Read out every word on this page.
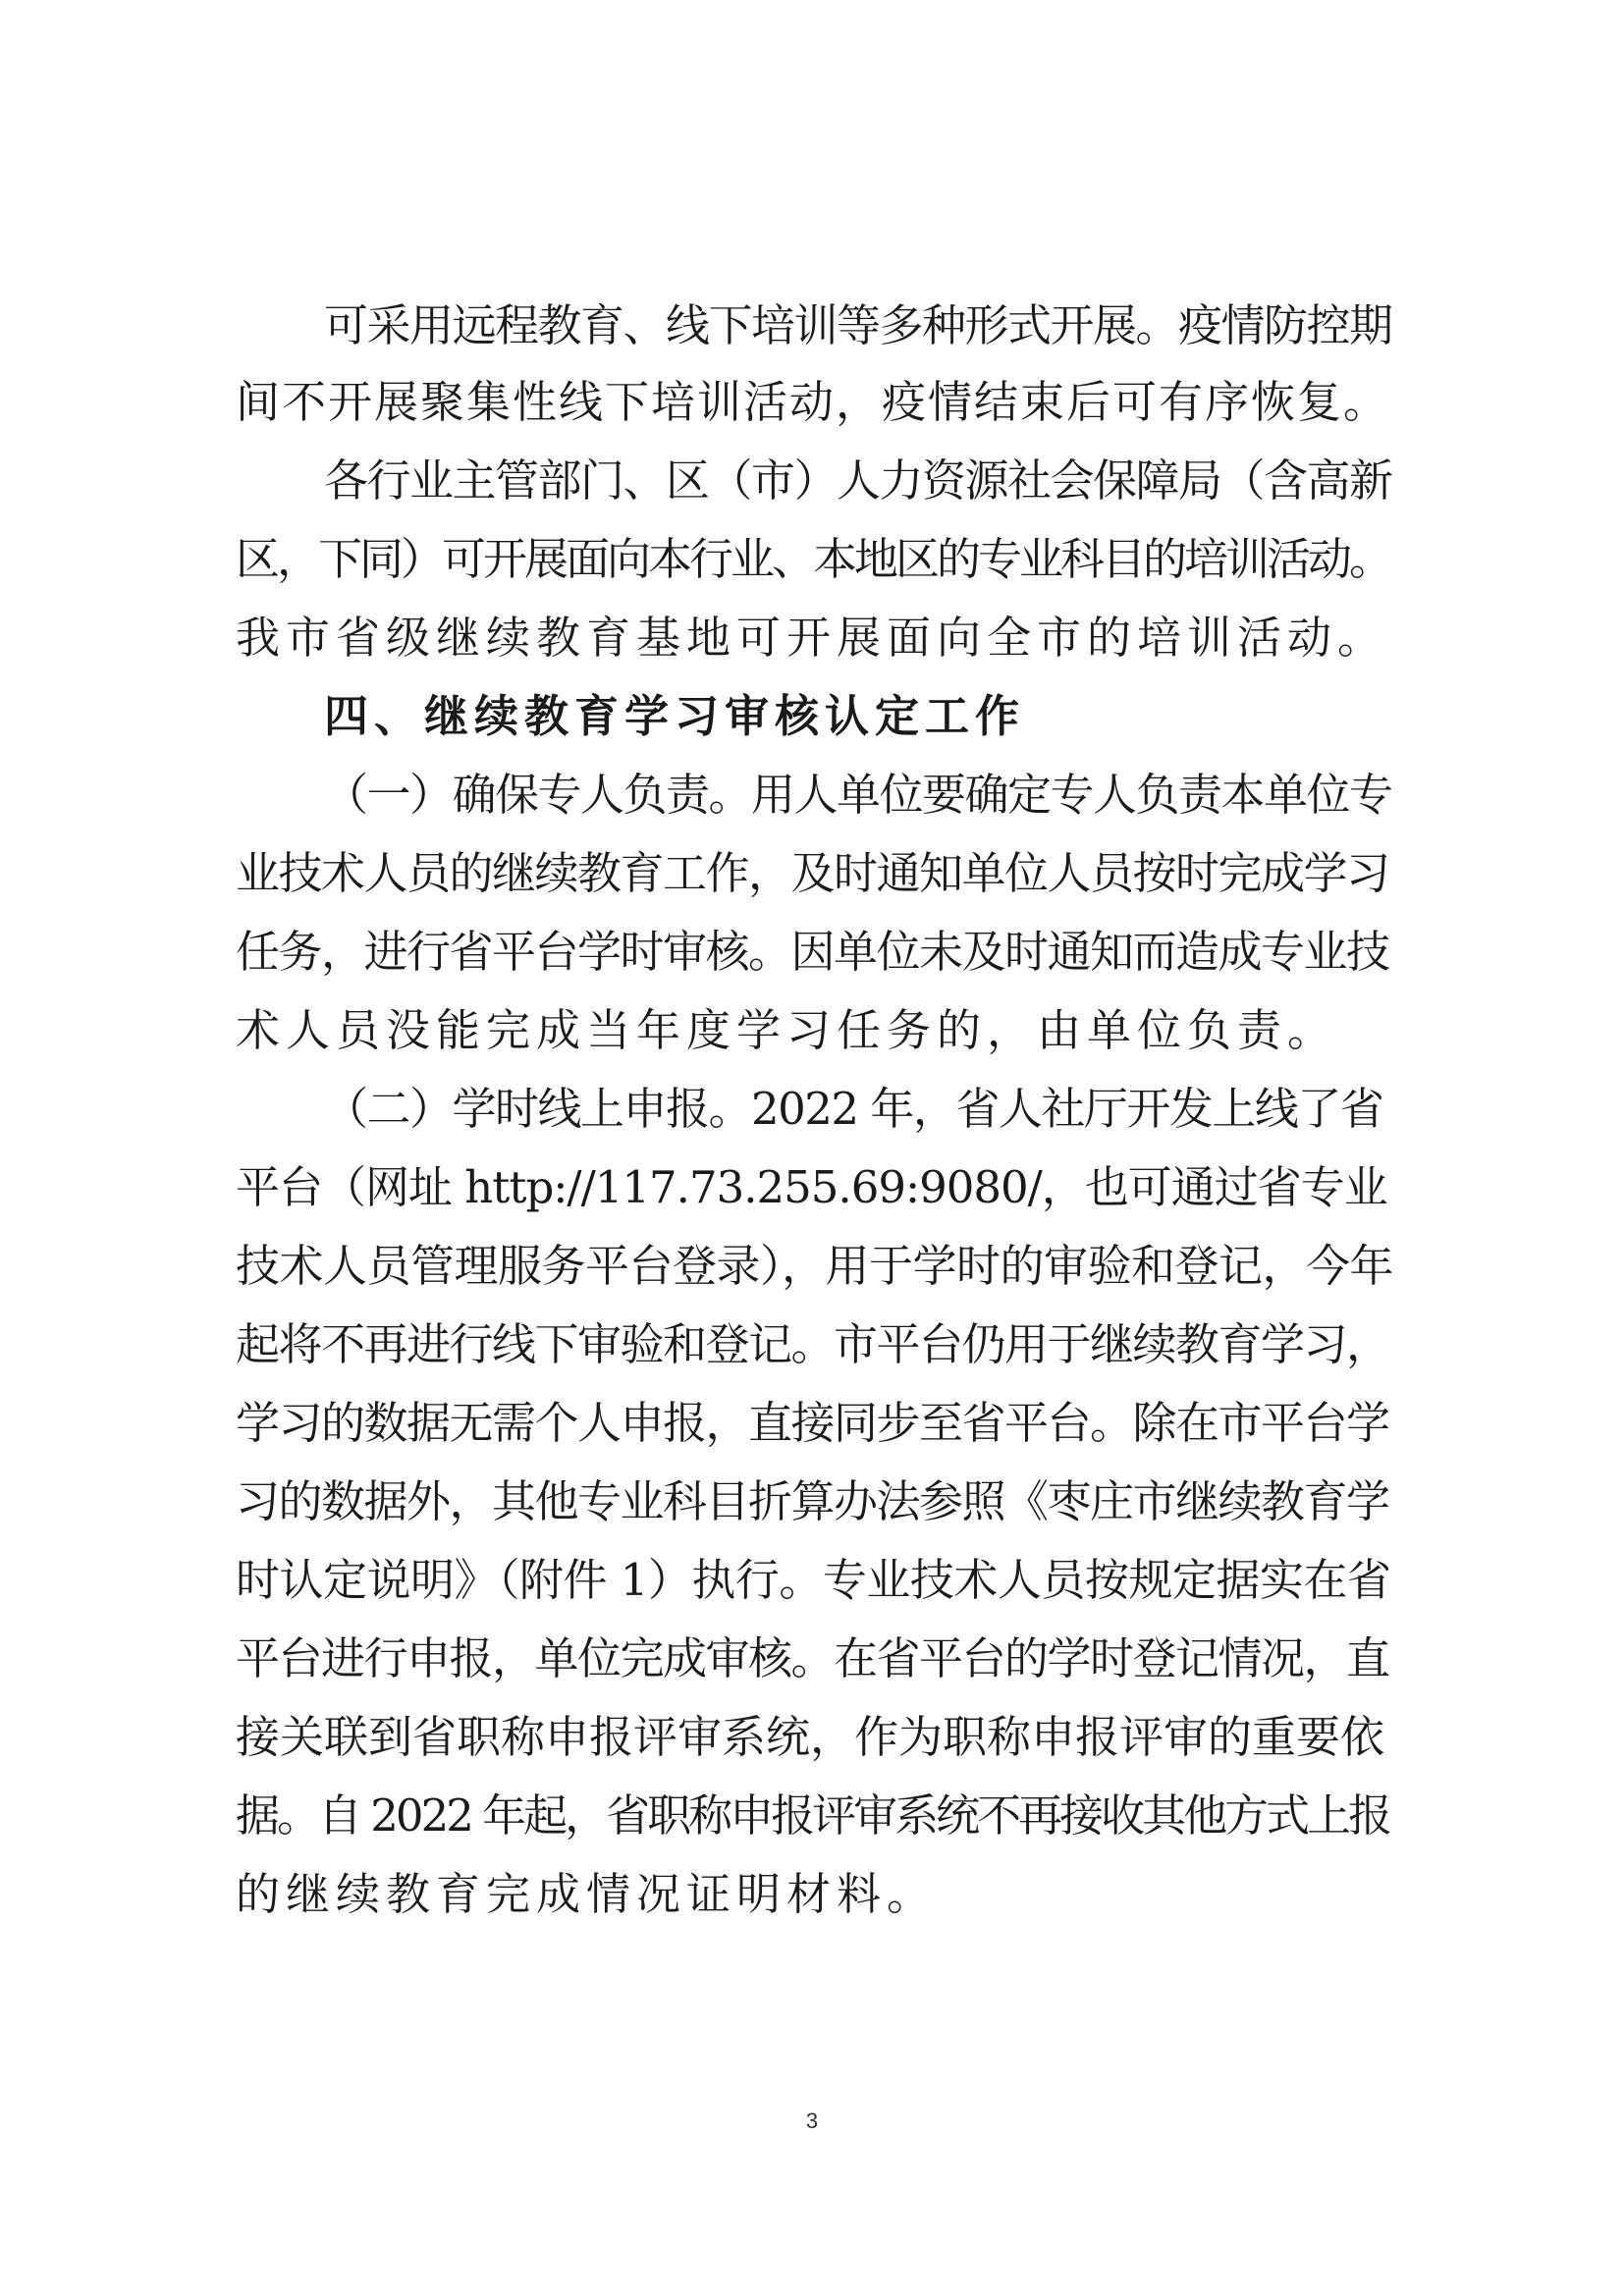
可采用远程教育、线下培训等多种形式开展。疫情防控期
间不开展聚集性线下培训活动，疫情结束后可有序恢复。
各行业主管部门、区（市）人力资源社会保障局（含高新
区，下同）可开展面向本行业、本地区的专业科目的培训活动。
我市省级继续教育基地可开展面向全市的培训活动。
四、继续教育学习审核认定工作
（一）确保专人负责。用人单位要确定专人负责本单位专
业技术人员的继续教育工作，及时通知单位人员按时完成学习
任务，进行省平台学时审核。因单位未及时通知而造成专业技
术人员没能完成当年度学习任务的，由单位负责。
（二）学时线上申报。2022 年，省人社厅开发上线了省
平台（网址 http://117.73.255.69:9080/，也可通过省专业
技术人员管理服务平台登录），用于学时的审验和登记，今年
起将不再进行线下审验和登记。市平台仍用于继续教育学习，
学习的数据无需个人申报，直接同步至省平台。除在市平台学
习的数据外，其他专业科目折算办法参照《枣庄市继续教育学
时认定说明》（附件 1）执行。专业技术人员按规定据实在省
平台进行申报，单位完成审核。在省平台的学时登记情况，直
接关联到省职称申报评审系统，作为职称申报评审的重要依
据。自 2022 年起，省职称申报评审系统不再接收其他方式上报
的继续教育完成情况证明材料。
3
